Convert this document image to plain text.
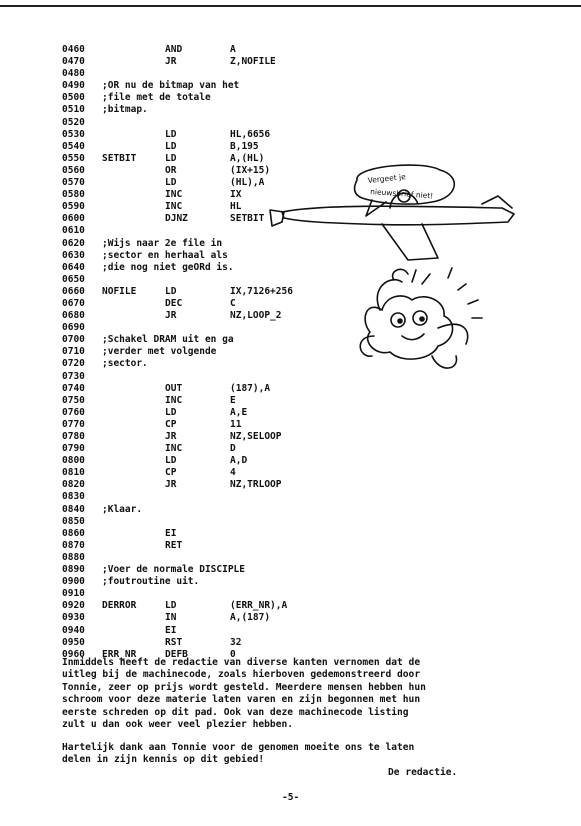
0460	AND	A
0470	JR	Z,NOFILE
0480
0490 ;OR nu de bitmap van het
0500 ;file met de totale
0510 ;bitmap.
0520
0530	LD	HL,6656
0540	LD	B,195
0550 SETBIT	LD	A,(HL)
0560	OR	(IX+15)
0570	LD	(HL),A
0580	INC	IX
0590	INC	HL
0600	DJNZ	SETBIT
0610
0620 ;Wijs naar 2e file in
0630 ;sector en herhaal als
0640 ;die nog niet geORd is.
0650
0660 NOFILE	LD	IX,7126+256
0670	DEC	C
0680	JR	NZ,LOOP_2
0690
0700 ;Schakel DRAM uit en ga
0710 ;verder met volgende
0720 ;sector.
0730
0740	OUT	(187),A
0750	INC	E
0760	LD	A,E
0770	CP	11
0780	JR	NZ,SELOOP
0790	INC	D
0800	LD	A,D
0810	CP	4
0820	JR	NZ,TRLOOP
0830
0840 ;Klaar.
0850
0860	EI
0870	RET
0880
0890 ;Voer de normale DISCIPLE
0900 ;foutroutine uit.
0910
0920 DERROR	LD	(ERR_NR),A
0930	IN	A,(187)
0940	EI
0950	RST	32
0960 ERR_NR	DEFB	0
Vergeet je
nieuwsbrief niet!
Inmiddels heeft de redactie van diverse kanten vernomen dat de
uitleg bij de machinecode, zoals hierboven gedemonstreerd door
Tonnie, zeer op prijs wordt gesteld. Meerdere mensen hebben hun
schroom voor deze materie laten varen en zijn begonnen met hun
eerste schreden op dit pad. Ook van deze machinecode listing
zult u dan ook weer veel plezier hebben.
Hartelijk dank aan Tonnie voor de genomen moeite ons te laten
delen in zijn kennis op dit gebied!
De redactie.
-5-
